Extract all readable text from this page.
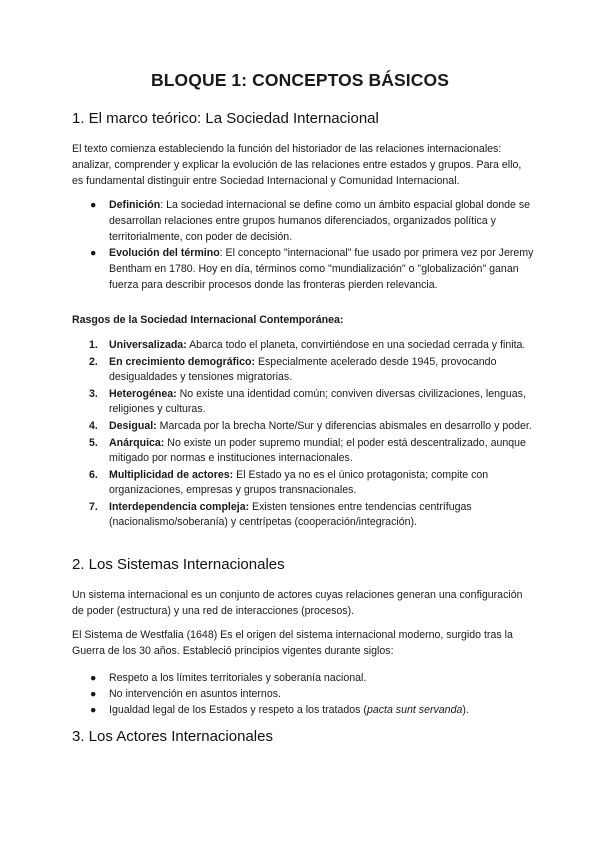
BLOQUE 1: CONCEPTOS BÁSICOS
1. El marco teórico: La Sociedad Internacional

El texto comienza estableciendo la función del historiador de las relaciones internacionales: analizar, comprender y explicar la evolución de las relaciones entre estados y grupos. Para ello, es fundamental distinguir entre Sociedad Internacional y Comunidad Internacional.

● Definición: La sociedad internacional se define como un ámbito espacial global donde se desarrollan relaciones entre grupos humanos diferenciados, organizados política y territorialmente, con poder de decisión.
● Evolución del término: El concepto "internacional" fue usado por primera vez por Jeremy Bentham en 1780. Hoy en día, términos como "mundialización" o "globalización" ganan fuerza para describir procesos donde las fronteras pierden relevancia.
Rasgos de la Sociedad Internacional Contemporánea:
1. Universalizada: Abarca todo el planeta, convirtiéndose en una sociedad cerrada y finita.
2. En crecimiento demográfico: Especialmente acelerado desde 1945, provocando desigualdades y tensiones migratorias.
3. Heterogénea: No existe una identidad común; conviven diversas civilizaciones, lenguas, religiones y culturas.
4. Desigual: Marcada por la brecha Norte/Sur y diferencias abismales en desarrollo y poder.
5. Anárquica: No existe un poder supremo mundial; el poder está descentralizado, aunque mitigado por normas e instituciones internacionales.
6. Multiplicidad de actores: El Estado ya no es el único protagonista; compite con organizaciones, empresas y grupos transnacionales.
7. Interdependencia compleja: Existen tensiones entre tendencias centrífugas (nacionalismo/soberanía) y centrípetas (cooperación/integración).
2. Los Sistemas Internacionales

Un sistema internacional es un conjunto de actores cuyas relaciones generan una configuración de poder (estructura) y una red de interacciones (procesos).

El Sistema de Westfalia (1648) Es el origen del sistema internacional moderno, surgido tras la Guerra de los 30 años. Estableció principios vigentes durante siglos:

● Respeto a los límites territoriales y soberanía nacional.
● No intervención en asuntos internos.
● Igualdad legal de los Estados y respeto a los tratados (pacta sunt servanda).
3. Los Actores Internacionales
